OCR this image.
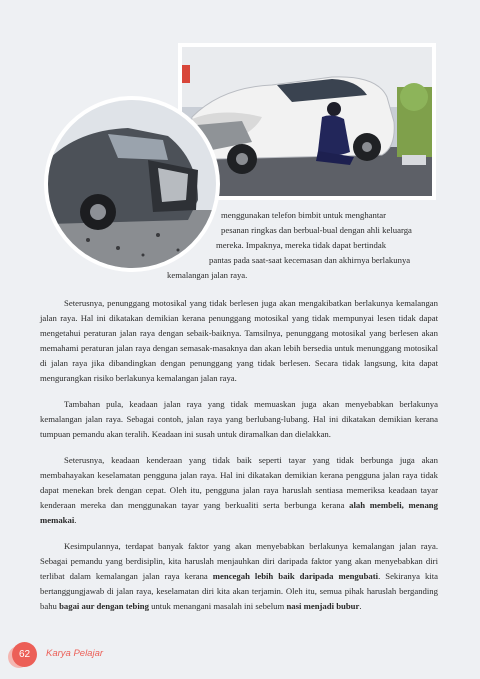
menggunakan telefon bimbit untuk menghantar
pesanan ringkas dan berbual-bual dengan ahli keluarga
mereka. Impaknya, mereka tidak dapat bertindak
pantas pada saat-saat kecemasan dan akhirnya berlakunya
kemalangan jalan raya.

Seterusnya, penunggang motosikal yang tidak berlesen juga akan mengakibatkan berlakunya kemalangan jalan raya. Hal ini dikatakan demikian kerana penunggang motosikal yang tidak mempunyai lesen tidak dapat mengetahui peraturan jalan raya dengan sebaik-baiknya. Tamsilnya, penunggang motosikal yang berlesen akan memahami peraturan jalan raya dengan semasak-masaknya dan akan lebih bersedia untuk menunggang motosikal di jalan raya jika dibandingkan dengan penunggang yang tidak berlesen. Secara tidak langsung, kita dapat mengurangkan risiko berlakunya kemalangan jalan raya.

Tambahan pula, keadaan jalan raya yang tidak memuaskan juga akan menyebabkan berlakunya kemalangan jalan raya. Sebagai contoh, jalan raya yang berlubang-lubang. Hal ini dikatakan demikian kerana tumpuan pemandu akan teralih. Keadaan ini susah untuk diramalkan dan dielakkan.

Seterusnya, keadaan kenderaan yang tidak baik seperti tayar yang tidak berbunga juga akan membahayakan keselamatan pengguna jalan raya. Hal ini dikatakan demikian kerana pengguna jalan raya tidak dapat menekan brek dengan cepat. Oleh itu, pengguna jalan raya haruslah sentiasa memeriksa keadaan tayar kenderaan mereka dan menggunakan tayar yang berkualiti serta berbunga kerana alah membeli, menang memakai.

Kesimpulannya, terdapat banyak faktor yang akan menyebabkan berlakunya kemalangan jalan raya. Sebagai pemandu yang berdisiplin, kita haruslah menjauhkan diri daripada faktor yang akan menyebabkan diri terlibat dalam kemalangan jalan raya kerana mencegah lebih baik daripada mengubati. Sekiranya kita bertanggungjawab di jalan raya, keselamatan diri kita akan terjamin. Oleh itu, semua pihak haruslah berganding bahu bagai aur dengan tebing untuk menangani masalah ini sebelum nasi menjadi bubur.

62	Karya Pelajar
